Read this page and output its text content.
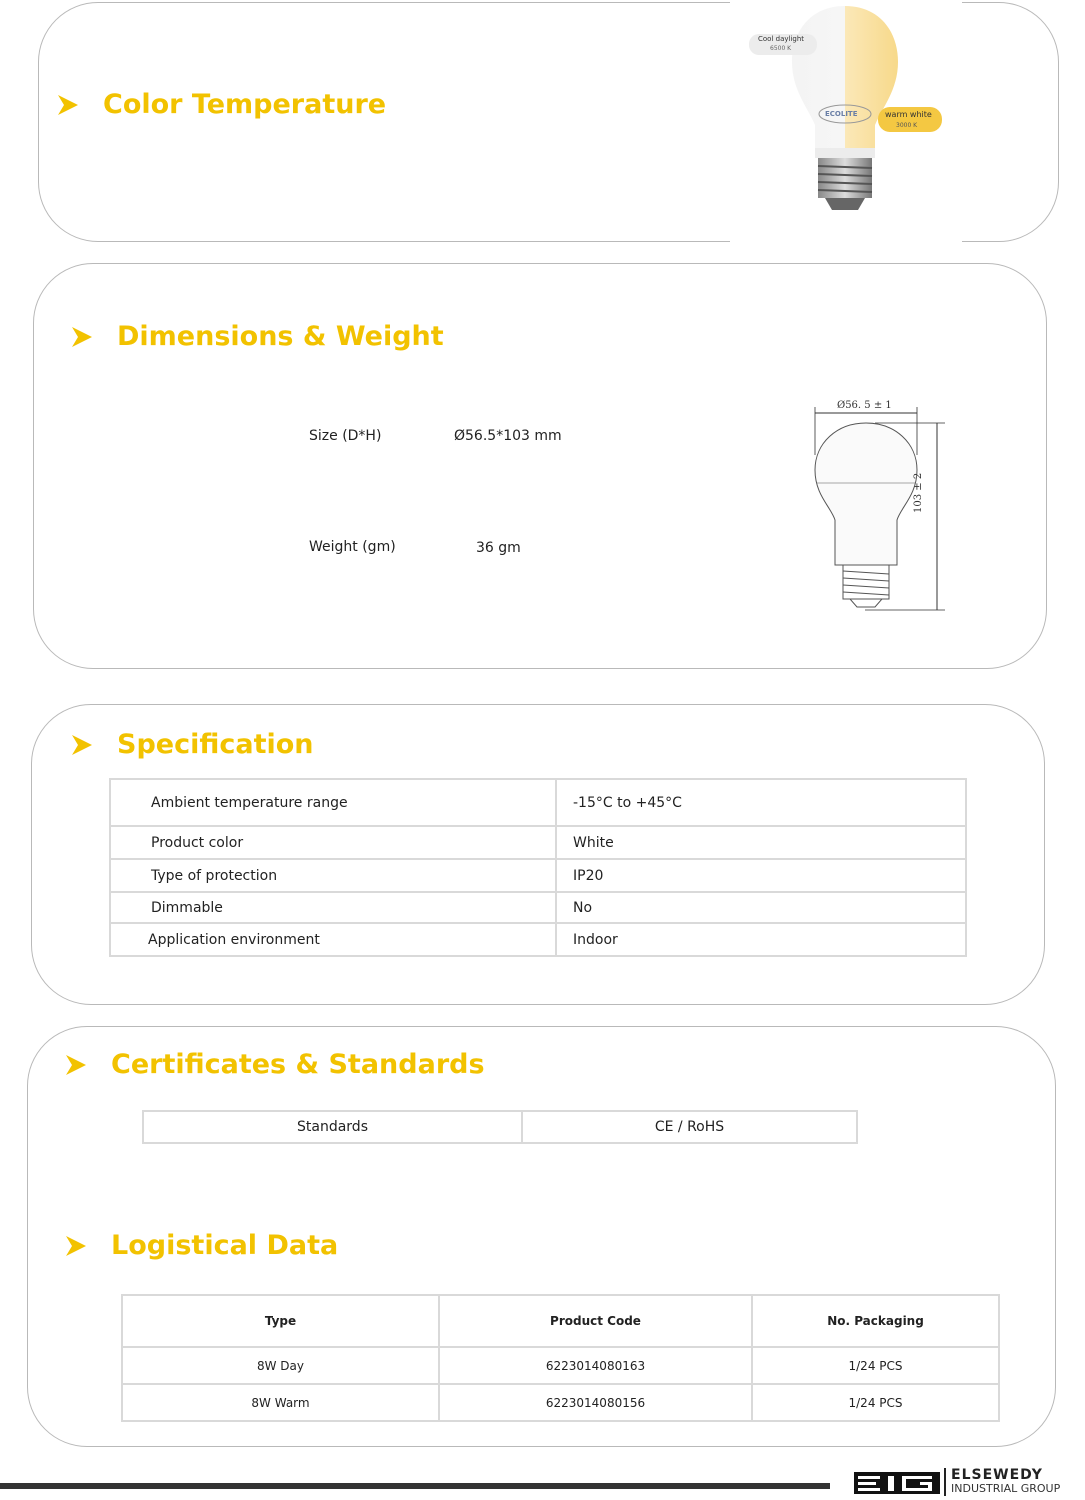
Color Temperature
Cool daylight
6500 K
ECOLITE	warm white
3000 K
Dimensions & Weight
Size (D*H)	Ø56.5*103 mm
Weight (gm)	36 gm
Ø56. 5 ± 1
103 ± 2
Specification
Ambient temperature range	-15°C to +45°C
Product color	White
Type of protection	IP20
Dimmable	No
Application environment	Indoor
Certificates & Standards
Standards	CE / RoHS
Logistical Data
Type	Product Code	No. Packaging
8W Day	6223014080163	1/24 PCS
8W Warm	6223014080156	1/24 PCS
ELSEWEDY
INDUSTRIAL GROUP
